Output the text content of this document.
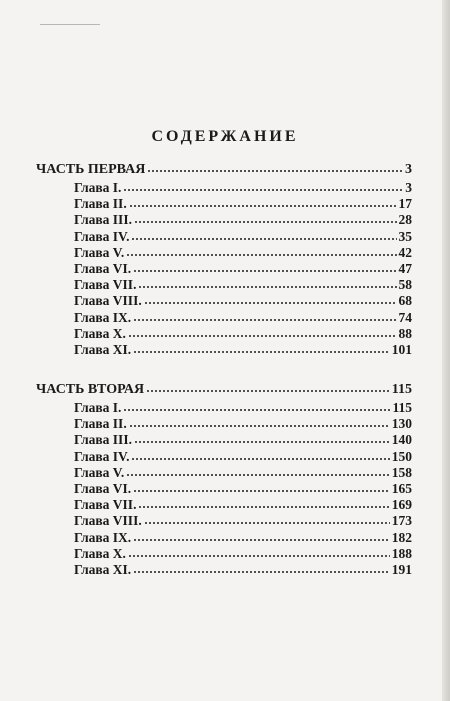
СОДЕРЖАНИЕ
ЧАСТЬ ПЕРВАЯ	3
Глава I.	3
Глава II.	17
Глава III.	28
Глава IV.	35
Глава V.	42
Глава VI.	47
Глава VII.	58
Глава VIII.	68
Глава IX.	74
Глава X.	88
Глава XI.	101
ЧАСТЬ ВТОРАЯ	115
Глава I.	115
Глава II.	130
Глава III.	140
Глава IV.	150
Глава V.	158
Глава VI.	165
Глава VII.	169
Глава VIII.	173
Глава IX.	182
Глава X.	188
Глава XI.	191
